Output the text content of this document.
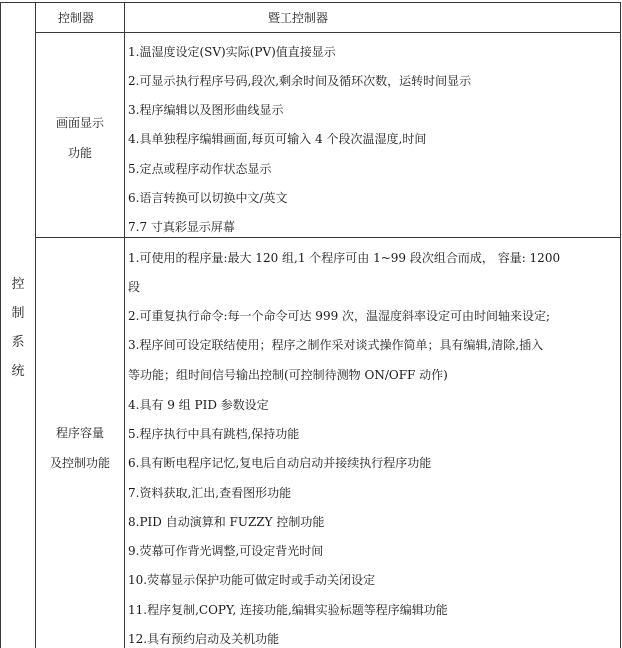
控制器	暨工控制器
控
制
系
统
画面显示
功能
1.温湿度设定(SV)实际(PV)值直接显示
2.可显示执行程序号码,段次,剩余时间及循环次数，运转时间显示
3.程序编辑以及图形曲线显示
4.具单独程序编辑画面,每页可输入 4 个段次温湿度,时间
5.定点或程序动作状态显示
6.语言转换可以切换中文/英文
7.7 寸真彩显示屏幕
程序容量
及控制功能
1.可使用的程序量:最大 120 组,1 个程序可由 1~99 段次组合而成， 容量: 1200
段
2.可重复执行命令:每一个命令可达 999 次，温湿度斜率设定可由时间轴来设定;
3.程序间可设定联结使用；程序之制作采对谈式操作简单；具有编辑,清除,插入
等功能；组时间信号输出控制(可控制待测物 ON/OFF 动作)
4.具有 9 组 PID 参数设定
5.程序执行中具有跳档,保持功能
6.具有断电程序记忆,复电后自动启动并接续执行程序功能
7.资料获取,汇出,查看图形功能
8.PID 自动演算和 FUZZY 控制功能
9.荧幕可作背光调整,可设定背光时间
10.荧幕显示保护功能可做定时或手动关闭设定
11.程序复制,COPY, 连接功能,编辑实验标题等程序编辑功能
12.具有预约启动及关机功能
